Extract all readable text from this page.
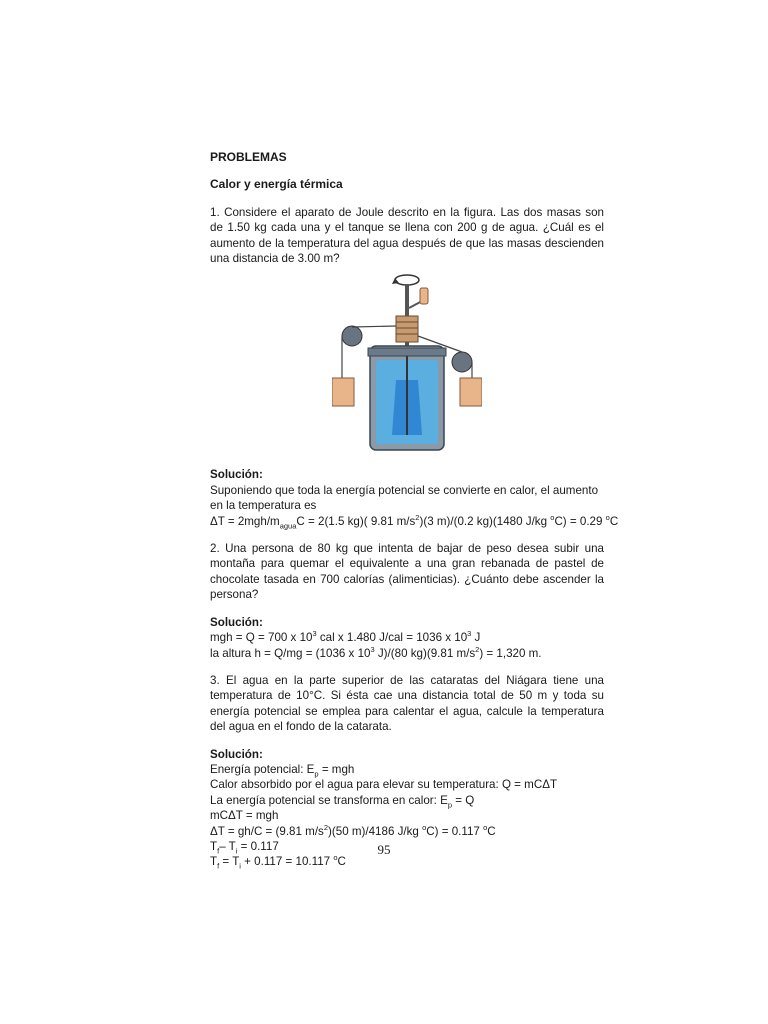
PROBLEMAS
Calor y energía térmica
1. Considere el aparato de Joule descrito en la figura. Las dos masas son de 1.50 kg cada una y el tanque se llena con 200 g de agua. ¿Cuál es el aumento de la temperatura del agua después de que las masas descienden una distancia de 3.00 m?
Solución:
Suponiendo que toda la energía potencial se convierte en calor, el aumento en la temperatura es
$\Delta T = 2mgh/m_{agua}C = 2(1.5$ kg)( 9.81 $m/s^2)(3$ m)/(0.2 kg)(1480 J/kg $^o$C) = 0.29 $^o$C
2. Una persona de 80 kg que intenta de bajar de peso desea subir una montaña para quemar el equivalente a una gran rebanada de pastel de chocolate tasada en 700 calorías (alimenticias). ¿Cuánto debe ascender la persona?
Solución:
mgh = Q = 700 x $10^3$ cal x 1.480 J/cal = 1036 x $10^3$ J
la altura h = Q/mg = (1036 x $10^3$ J)/(80 kg)(9.81 $m/s^2) = 1,320$ m.
3. El agua en la parte superior de las cataratas del Niágara tiene una temperatura de 10°C. Si ésta cae una distancia total de 50 m y toda su energía potencial se emplea para calentar el agua, calcule la temperatura del agua en el fondo de la catarata.
Solución:
Energía potencial: $E_p$ = mgh
Calor absorbido por el agua para elevar su temperatura: Q = mCΔT
La energía potencial se transforma en calor: $E_p = Q$
mCΔT = mgh
ΔT = gh/C = (9.81 $m/s^2)(50$ m)/4186 J/kg $^o$C) = 0.117 $^o$C
$T_f-$ $T_i = 0.117$
$T_f = T_i + 0.117 = 10.117$ $^o$C
95
